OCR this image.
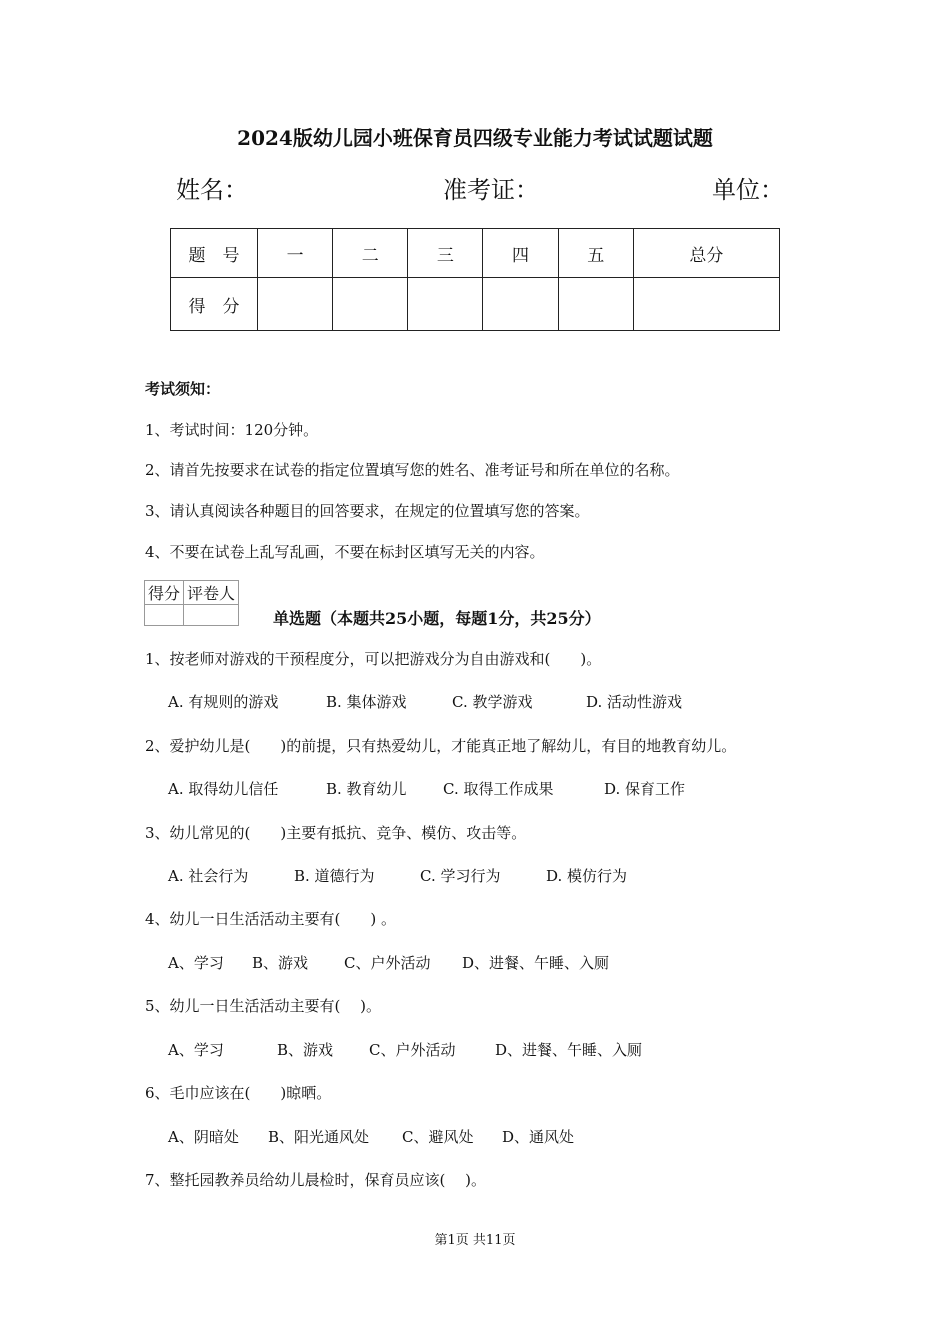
2024版幼儿园小班保育员四级专业能力考试试题试题
姓名：	准考证：	单位：
题　号	一	二	三	四	五	总分
得　分						
考试须知：
1、考试时间：120分钟。
2、请首先按要求在试卷的指定位置填写您的姓名、准考证号和所在单位的名称。
3、请认真阅读各种题目的回答要求，在规定的位置填写您的答案。
4、不要在试卷上乱写乱画，不要在标封区填写无关的内容。
得分	评卷人

单选题（本题共25小题，每题1分，共25分）
1、按老师对游戏的干预程度分，可以把游戏分为自由游戏和(　　)。
A. 有规则的游戏	B. 集体游戏	C. 教学游戏	D. 活动性游戏
2、爱护幼儿是(　　)的前提，只有热爱幼儿，才能真正地了解幼儿，有目的地教育幼儿。
A. 取得幼儿信任	B. 教育幼儿 C. 取得工作成果	D. 保育工作
3、幼儿常见的(　　)主要有抵抗、竞争、模仿、攻击等。
A. 社会行为	B. 道德行为	C. 学习行为	D. 模仿行为
4、幼儿一日生活活动主要有(　　) 。
A、学习 B、游戏 C、户外活动 D、进餐、午睡、入厕
5、幼儿一日生活活动主要有(　 )。
A、学习	B、游戏 C、户外活动	D、进餐、午睡、入厕
6、毛巾应该在(　　)晾晒。
A、阴暗处 B、阳光通风处 C、避风处 D、通风处
7、整托园教养员给幼儿晨检时，保育员应该(　 )。
第1页 共11页
